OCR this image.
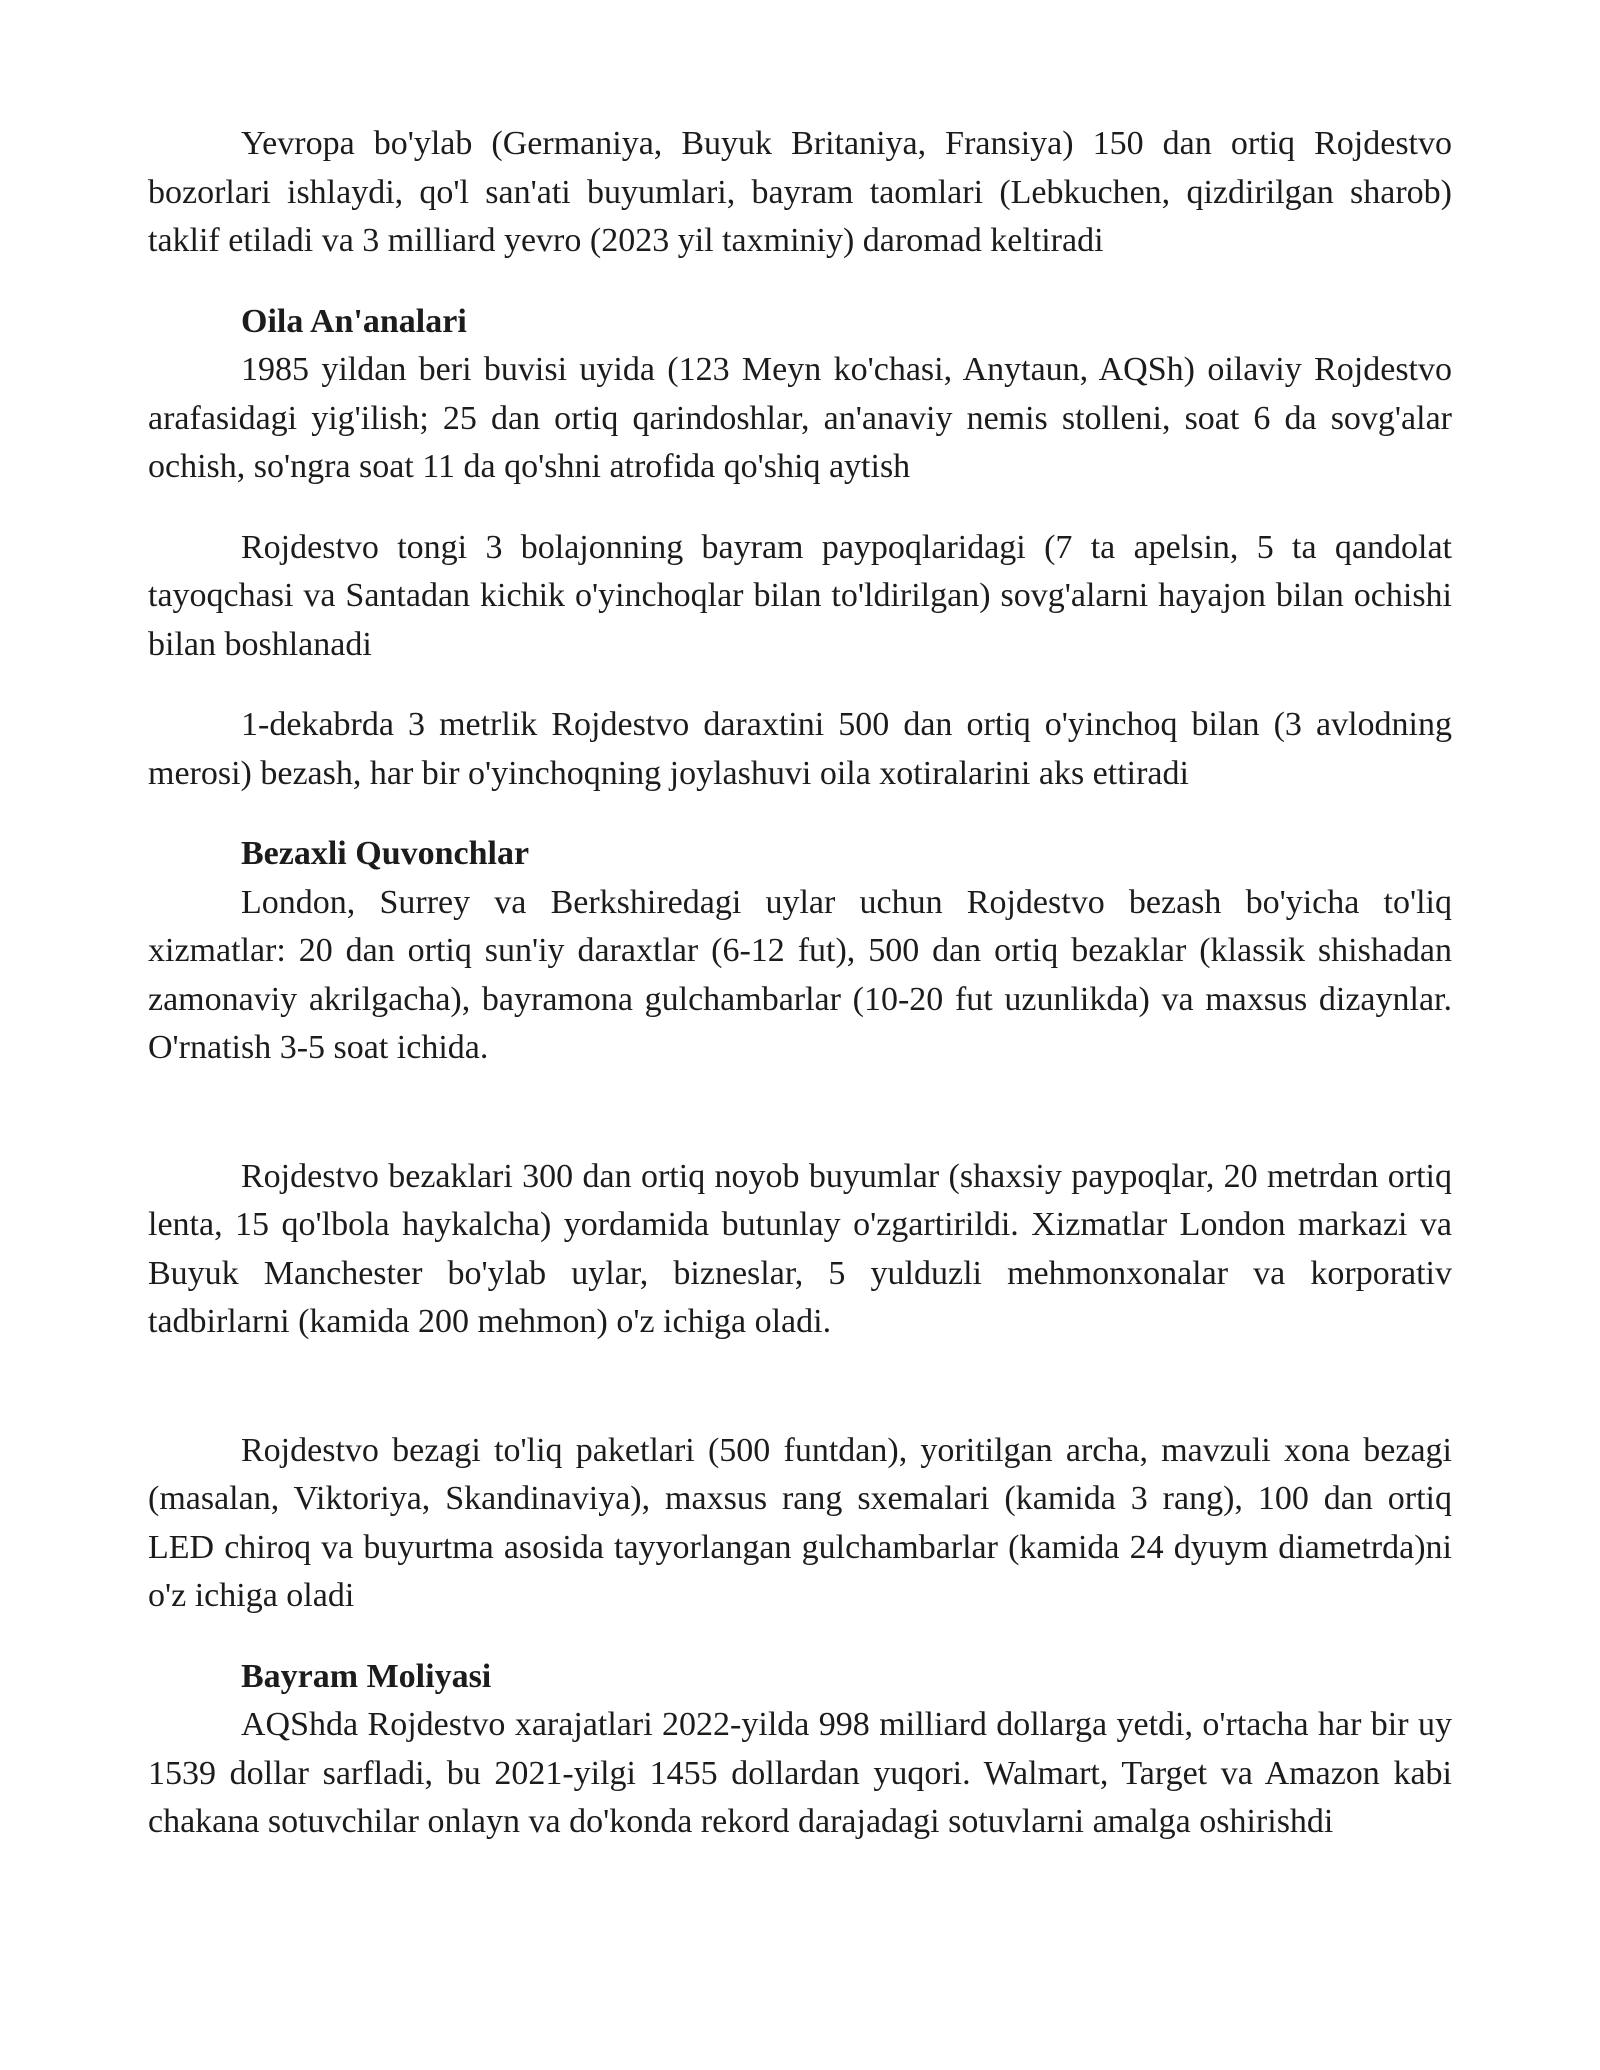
Yevropa bo'ylab (Germaniya, Buyuk Britaniya, Fransiya) 150 dan ortiq Rojdestvo bozorlari ishlaydi, qo'l san'ati buyumlari, bayram taomlari (Lebkuchen, qizdirilgan sharob) taklif etiladi va 3 milliard yevro (2023 yil taxminiy) daromad keltiradi

Oila An'analari

1985 yildan beri buvisi uyida (123 Meyn ko'chasi, Anytaun, AQSh) oilaviy Rojdestvo arafasidagi yig'ilish; 25 dan ortiq qarindoshlar, an'anaviy nemis stolleni, soat 6 da sovg'alar ochish, so'ngra soat 11 da qo'shni atrofida qo'shiq aytish

Rojdestvo tongi 3 bolajonning bayram paypoqlaridagi (7 ta apelsin, 5 ta qandolat tayoqchasi va Santadan kichik o'yinchoqlar bilan to'ldirilgan) sovg'alarni hayajon bilan ochishi bilan boshlanadi

1-dekabrda 3 metrlik Rojdestvo daraxtini 500 dan ortiq o'yinchoq bilan (3 avlodning merosi) bezash, har bir o'yinchoqning joylashuvi oila xotiralarini aks ettiradi

Bezaxli Quvonchlar

London, Surrey va Berkshiredagi uylar uchun Rojdestvo bezash bo'yicha to'liq xizmatlar: 20 dan ortiq sun'iy daraxtlar (6-12 fut), 500 dan ortiq bezaklar (klassik shishadan zamonaviy akrilgacha), bayramona gulchambarlar (10-20 fut uzunlikda) va maxsus dizaynlar. O'rnatish 3-5 soat ichida.

Rojdestvo bezaklari 300 dan ortiq noyob buyumlar (shaxsiy paypoqlar, 20 metrdan ortiq lenta, 15 qo'lbola haykalcha) yordamida butunlay o'zgartirildi. Xizmatlar London markazi va Buyuk Manchester bo'ylab uylar, bizneslar, 5 yulduzli mehmonxonalar va korporativ tadbirlarni (kamida 200 mehmon) o'z ichiga oladi.

Rojdestvo bezagi to'liq paketlari (500 funtdan), yoritilgan archa, mavzuli xona bezagi (masalan, Viktoriya, Skandinaviya), maxsus rang sxemalari (kamida 3 rang), 100 dan ortiq LED chiroq va buyurtma asosida tayyorlangan gulchambarlar (kamida 24 dyuym diametrda)ni o'z ichiga oladi

Bayram Moliyasi

AQShda Rojdestvo xarajatlari 2022-yilda 998 milliard dollarga yetdi, o'rtacha har bir uy 1539 dollar sarfladi, bu 2021-yilgi 1455 dollardan yuqori. Walmart, Target va Amazon kabi chakana sotuvchilar onlayn va do'konda rekord darajadagi sotuvlarni amalga oshirishdi
